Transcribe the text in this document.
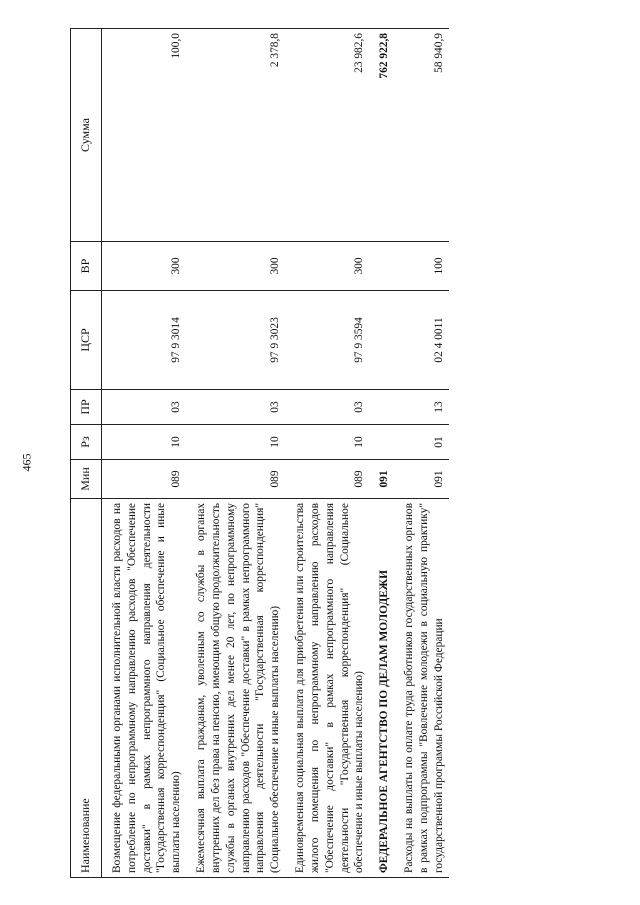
465
Наименование	Мин	Рз	ПР	ЦСР	ВР	Сумма

Возмещение федеральными органами исполнительной власти расходов на потребление по непрограммному направлению расходов "Обеспечение доставки" в рамках непрограммного направления деятельности "Государственная корреспонденция" (Социальное обеспечение и иные выплаты населению)	089	10	03	97 9 3014	300	100,0

Ежемесячная выплата гражданам, уволенным со службы в органах внутренних дел без права на пенсию, имеющим общую продолжительность службы в органах внутренних дел менее 20 лет, по непрограммному направлению расходов "Обеспечение доставки" в рамках непрограммного направления деятельности "Государственная корреспонденция" (Социальное обеспечение и иные выплаты населению)	089	10	03	97 9 3023	300	2 378,8

Единовременная социальная выплата для приобретения или строительства жилого помещения по непрограммному направлению расходов "Обеспечение доставки" в рамках непрограммного направления деятельности "Государственная корреспонденция" (Социальное обеспечение и иные выплаты населению)	089	10	03	97 9 3594	300	23 982,6

ФЕДЕРАЛЬНОЕ АГЕНТСТВО ПО ДЕЛАМ МОЛОДЕЖИ	091					762 922,8

Расходы на выплаты по оплате труда работников государственных органов в рамках подпрограммы "Вовлечение молодежи в социальную практику" государственной программы Российской Федерации	091	01	13	02 4 0011	100	58 940,9
